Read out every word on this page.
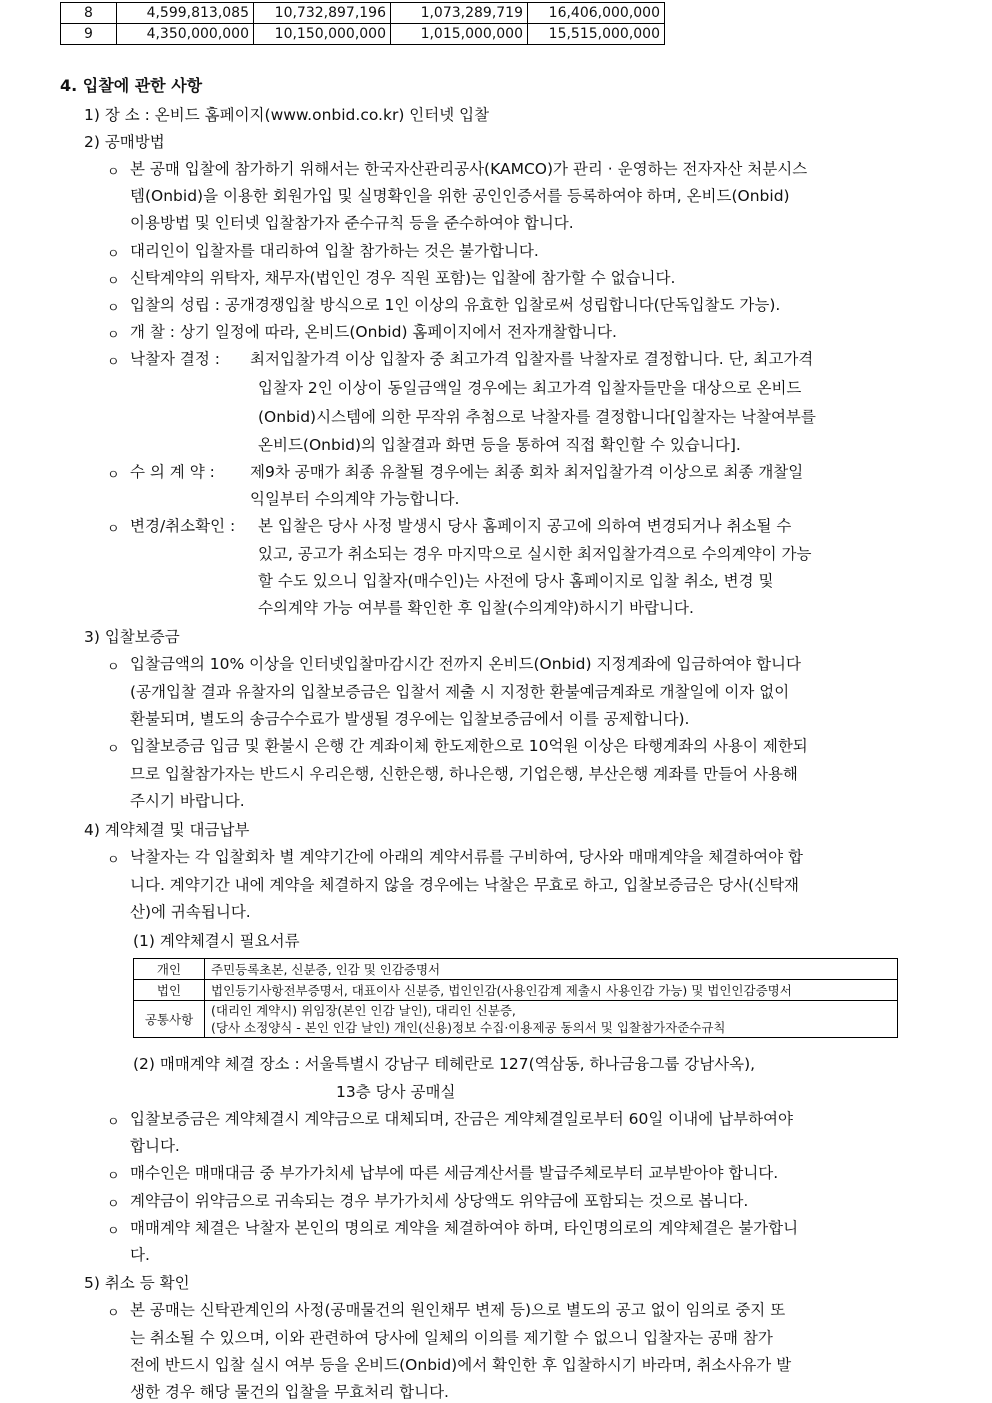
8	4,599,813,085	10,732,897,196	1,073,289,719	16,406,000,000
9	4,350,000,000	10,150,000,000	1,015,000,000	15,515,000,000
4. 입찰에 관한 사항
1) 장 소 : 온비드 홈페이지(www.onbid.co.kr) 인터넷 입찰
2) 공매방법
ㅇ 본 공매 입찰에 참가하기 위해서는 한국자산관리공사(KAMCO)가 관리 · 운영하는 전자자산 처분시스
템(Onbid)을 이용한 회원가입 및 실명확인을 위한 공인인증서를 등록하여야 하며, 온비드(Onbid)
이용방법 및 인터넷 입찰참가자 준수규칙 등을 준수하여야 합니다.
ㅇ 대리인이 입찰자를 대리하여 입찰 참가하는 것은 불가합니다.
ㅇ 신탁계약의 위탁자, 채무자(법인인 경우 직원 포함)는 입찰에 참가할 수 없습니다.
ㅇ 입찰의 성립 : 공개경쟁입찰 방식으로 1인 이상의 유효한 입찰로써 성립합니다(단독입찰도 가능).
ㅇ 개 찰 : 상기 일정에 따라, 온비드(Onbid) 홈페이지에서 전자개찰합니다.
ㅇ 낙찰자 결정 : 최저입찰가격 이상 입찰자 중 최고가격 입찰자를 낙찰자로 결정합니다. 단, 최고가격
입찰자 2인 이상이 동일금액일 경우에는 최고가격 입찰자들만을 대상으로 온비드
(Onbid)시스템에 의한 무작위 추첨으로 낙찰자를 결정합니다[입찰자는 낙찰여부를
온비드(Onbid)의 입찰결과 화면 등을 통하여 직접 확인할 수 있습니다].
ㅇ 수 의 계 약 : 제9차 공매가 최종 유찰될 경우에는 최종 회차 최저입찰가격 이상으로 최종 개찰일
익일부터 수의계약 가능합니다.
ㅇ 변경/취소확인 : 본 입찰은 당사 사정 발생시 당사 홈페이지 공고에 의하여 변경되거나 취소될 수
있고, 공고가 취소되는 경우 마지막으로 실시한 최저입찰가격으로 수의계약이 가능
할 수도 있으니 입찰자(매수인)는 사전에 당사 홈페이지로 입찰 취소, 변경 및
수의계약 가능 여부를 확인한 후 입찰(수의계약)하시기 바랍니다.
3) 입찰보증금
ㅇ 입찰금액의 10% 이상을 인터넷입찰마감시간 전까지 온비드(Onbid) 지정계좌에 입금하여야 합니다
(공개입찰 결과 유찰자의 입찰보증금은 입찰서 제출 시 지정한 환불예금계좌로 개찰일에 이자 없이
환불되며, 별도의 송금수수료가 발생될 경우에는 입찰보증금에서 이를 공제합니다).
ㅇ 입찰보증금 입금 및 환불시 은행 간 계좌이체 한도제한으로 10억원 이상은 타행계좌의 사용이 제한되
므로 입찰참가자는 반드시 우리은행, 신한은행, 하나은행, 기업은행, 부산은행 계좌를 만들어 사용해
주시기 바랍니다.
4) 계약체결 및 대금납부
ㅇ 낙찰자는 각 입찰회차 별 계약기간에 아래의 계약서류를 구비하여, 당사와 매매계약을 체결하여야 합
니다. 계약기간 내에 계약을 체결하지 않을 경우에는 낙찰은 무효로 하고, 입찰보증금은 당사(신탁재
산)에 귀속됩니다.
(1) 계약체결시 필요서류
개인	주민등록초본, 신분증, 인감 및 인감증명서
법인	법인등기사항전부증명서, 대표이사 신분증, 법인인감(사용인감계 제출시 사용인감 가능) 및 법인인감증명서
공통사항	(대리인 계약시) 위임장(본인 인감 날인), 대리인 신분증,
(당사 소정양식 - 본인 인감 날인) 개인(신용)정보 수집·이용제공 동의서 및 입찰참가자준수규칙
(2) 매매계약 체결 장소 : 서울특별시 강남구 테헤란로 127(역삼동, 하나금융그룹 강남사옥),
13층 당사 공매실
ㅇ 입찰보증금은 계약체결시 계약금으로 대체되며, 잔금은 계약체결일로부터 60일 이내에 납부하여야
합니다.
ㅇ 매수인은 매매대금 중 부가가치세 납부에 따른 세금계산서를 발급주체로부터 교부받아야 합니다.
ㅇ 계약금이 위약금으로 귀속되는 경우 부가가치세 상당액도 위약금에 포함되는 것으로 봅니다.
ㅇ 매매계약 체결은 낙찰자 본인의 명의로 계약을 체결하여야 하며, 타인명의로의 계약체결은 불가합니
다.
5) 취소 등 확인
ㅇ 본 공매는 신탁관계인의 사정(공매물건의 원인채무 변제 등)으로 별도의 공고 없이 임의로 중지 또
는 취소될 수 있으며, 이와 관련하여 당사에 일체의 이의를 제기할 수 없으니 입찰자는 공매 참가
전에 반드시 입찰 실시 여부 등을 온비드(Onbid)에서 확인한 후 입찰하시기 바라며, 취소사유가 발
생한 경우 해당 물건의 입찰을 무효처리 합니다.
